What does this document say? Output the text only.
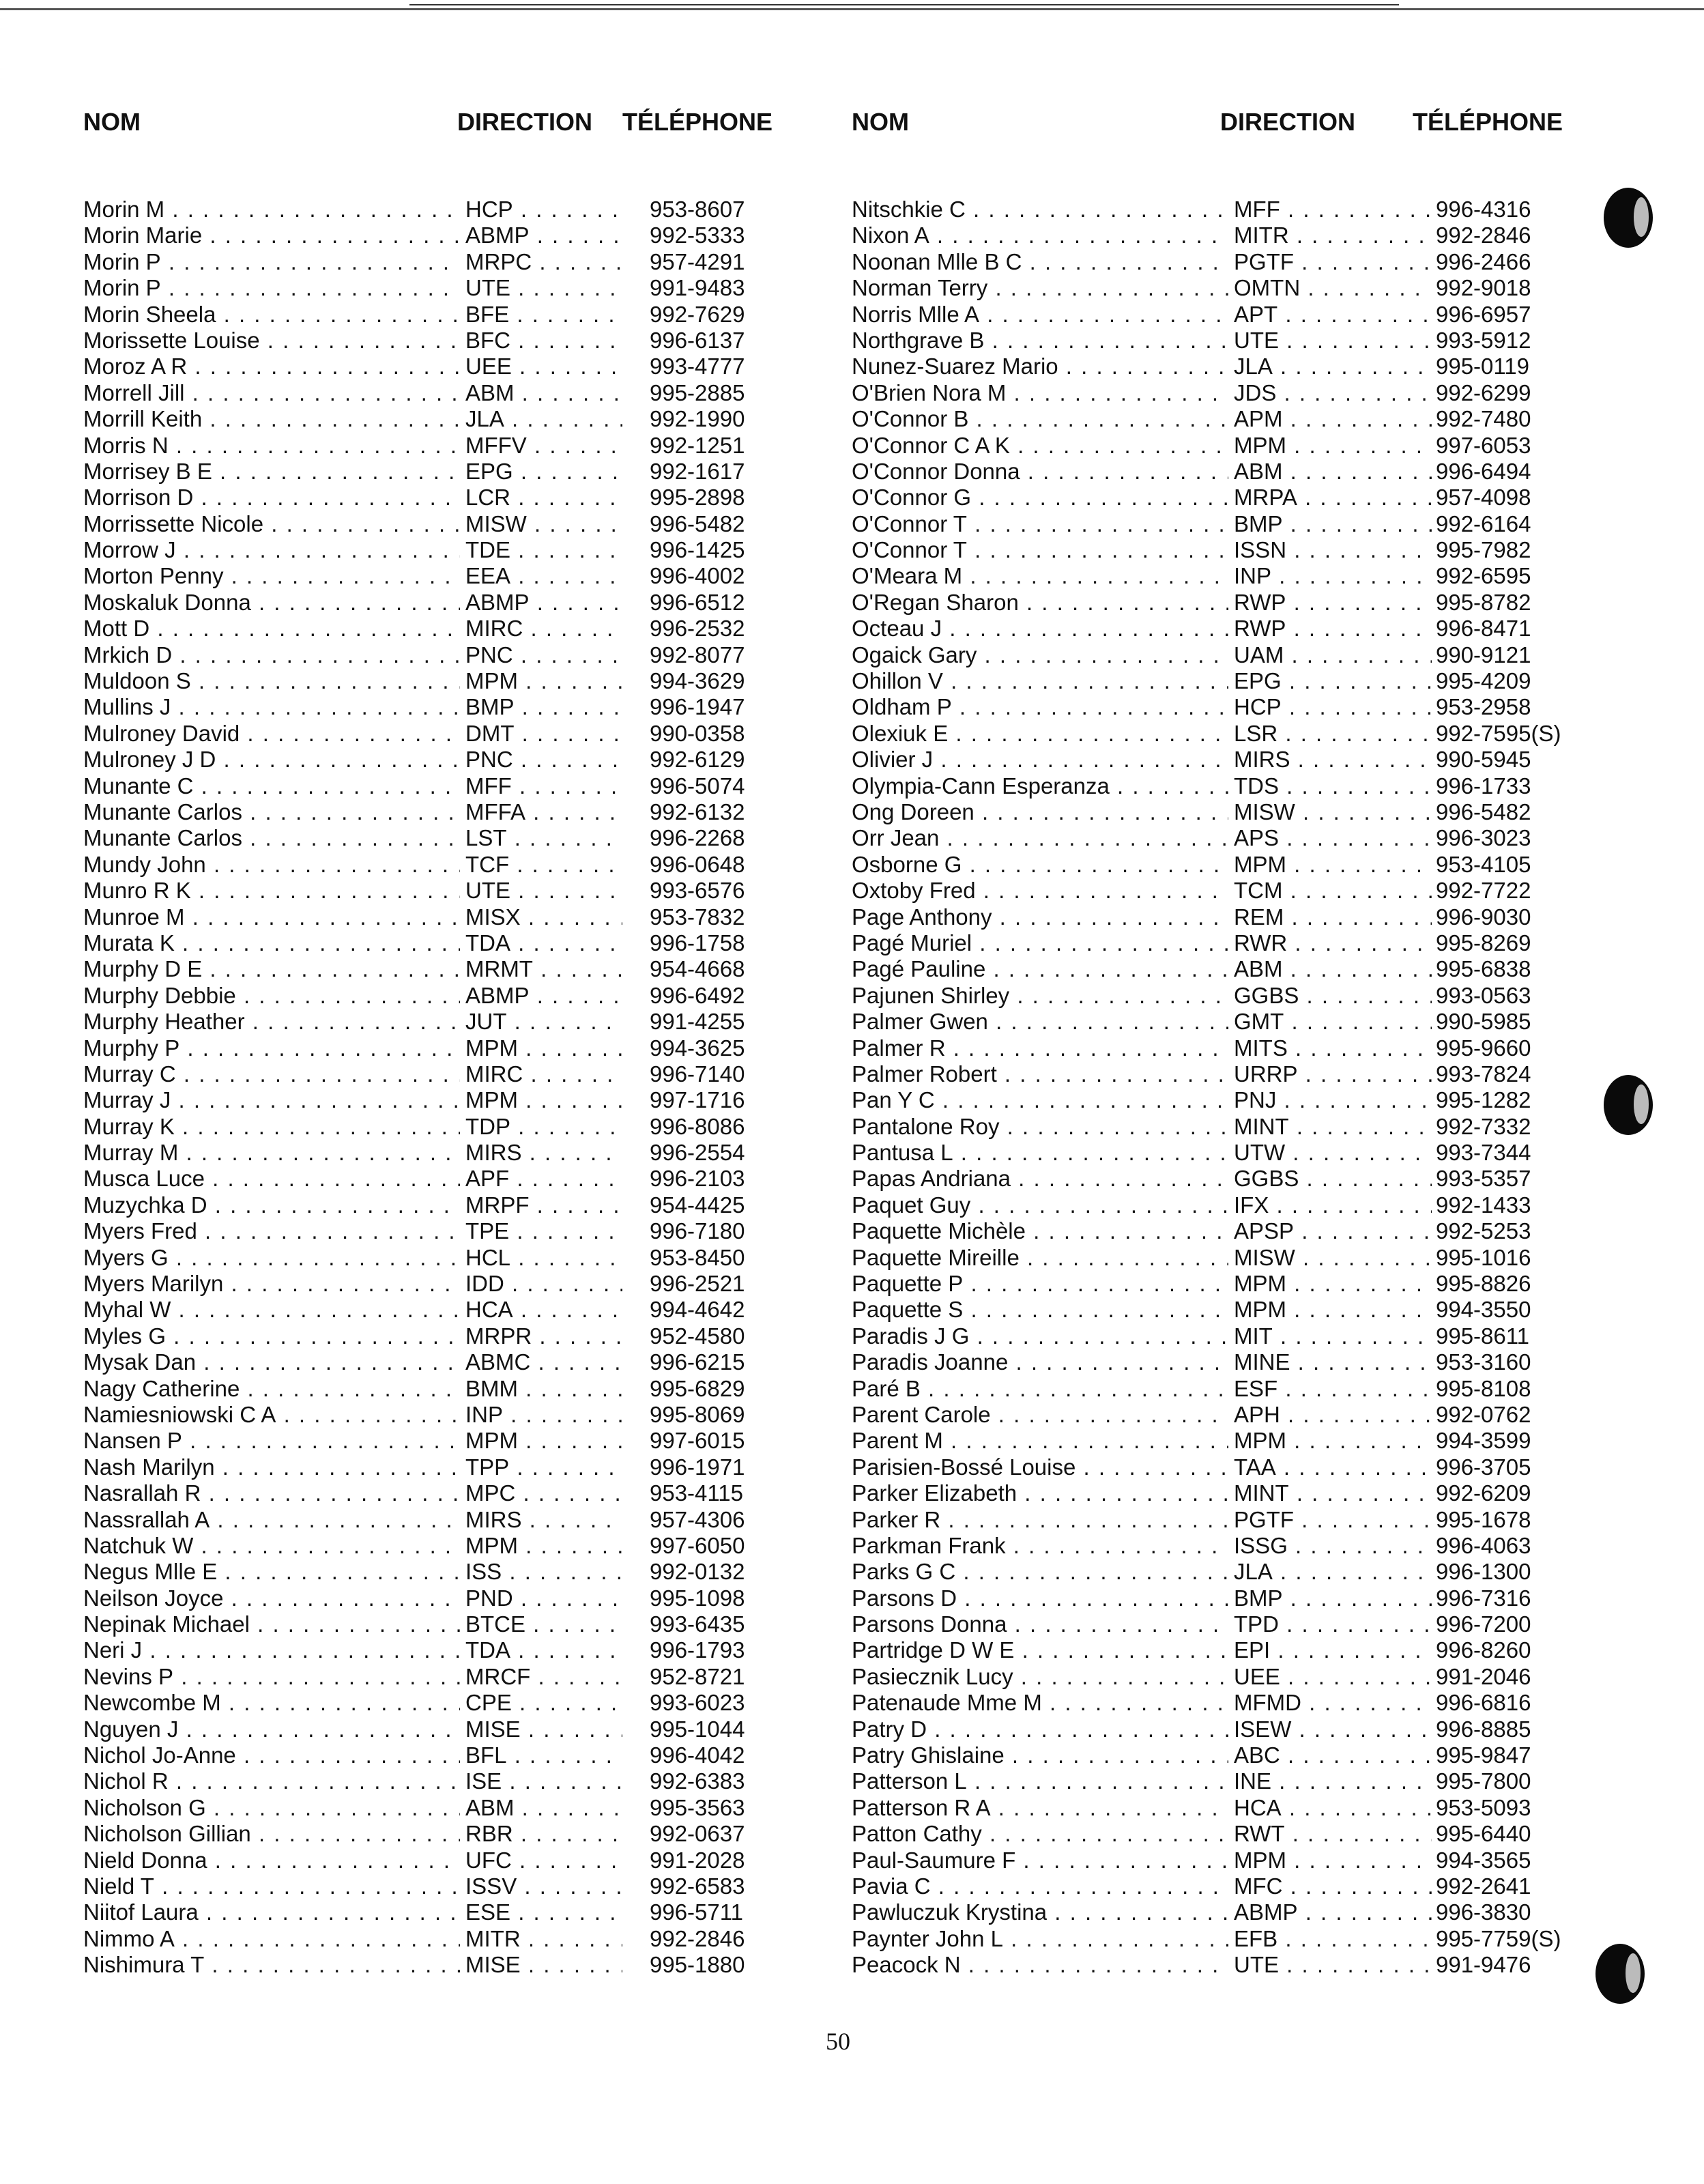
NOM	DIRECTION TÉLÉPHONE
Morin M . . .	HCP . . .	953-8607
Morin Marie . . .	ABMP . . .	992-5333
Morin P . . .	MRPC . . .	957-4291
Morin P . . .	UTE . . .	991-9483
Morin Sheela . . .	BFE . . .	992-7629
Morissette Louise . . .	BFC . . .	996-6137
Moroz A R . . .	UEE . . .	993-4777
Morrell Jill . . .	ABM . . .	995-2885
Morrill Keith . . .	JLA . . .	992-1990
Morris N . . .	MFFV . . .	992-1251
Morrisey B E . . .	EPG . . .	992-1617
Morrison D . . .	LCR . . .	995-2898
Morrissette Nicole . . .	MISW . . .	996-5482
Morrow J . . .	TDE . . .	996-1425
Morton Penny . . .	EEA . . .	996-4002
Moskaluk Donna . . .	ABMP . . .	996-6512
Mott D . . .	MIRC . . .	996-2532
Mrkich D . . .	PNC . . .	992-8077
Muldoon S . . .	MPM . . .	994-3629
Mullins J . . .	BMP . . .	996-1947
Mulroney David . . .	DMT . . .	990-0358
Mulroney J D . . .	PNC . . .	992-6129
Munante C . . .	MFF . . .	996-5074
Munante Carlos . . .	MFFA . . .	992-6132
Munante Carlos . . .	LST . . .	996-2268
Mundy John . . .	TCF . . .	996-0648
Munro R K . . .	UTE . . .	993-6576
Munroe M . . .	MISX . . .	953-7832
Murata K . . .	TDA . . .	996-1758
Murphy D E . . .	MRMT . . .	954-4668
Murphy Debbie . . .	ABMP . . .	996-6492
Murphy Heather . . .	JUT . . .	991-4255
Murphy P . . .	MPM . . .	994-3625
Murray C . . .	MIRC . . .	996-7140
Murray J . . .	MPM . . .	997-1716
Murray K . . .	TDP . . .	996-8086
Murray M . . .	MIRS . . .	996-2554
Musca Luce . . .	APF . . .	996-2103
Muzychka D . . .	MRPF . . .	954-4425
Myers Fred . . .	TPE . . .	996-7180
Myers G . . .	HCL . . .	953-8450
Myers Marilyn . . .	IDD . . .	996-2521
Myhal W . . .	HCA . . .	994-4642
Myles G . . .	MRPR . . .	952-4580
Mysak Dan . . .	ABMC . . .	996-6215
Nagy Catherine . . .	BMM . . .	995-6829
Namiesniowski C A . . .	INP . . .	995-8069
Nansen P . . .	MPM . . .	997-6015
Nash Marilyn . . .	TPP . . .	996-1971
Nasrallah R . . .	MPC . . .	953-4115
Nassrallah A . . .	MIRS . . .	957-4306
Natchuk W . . .	MPM . . .	997-6050
Negus Mlle E . . .	ISS . . .	992-0132
Neilson Joyce . . .	PND . . .	995-1098
Nepinak Michael . . .	BTCE . . .	993-6435
Neri J . . .	TDA . . .	996-1793
Nevins P . . .	MRCF . . .	952-8721
Newcombe M . . .	CPE . . .	993-6023
Nguyen J . . .	MISE . . .	995-1044
Nichol Jo-Anne . . .	BFL . . .	996-4042
Nichol R . . .	ISE . . .	992-6383
Nicholson G . . .	ABM . . .	995-3563
Nicholson Gillian . . .	RBR . . .	992-0637
Nield Donna . . .	UFC . . .	991-2028
Nield T . . .	ISSV . . .	992-6583
Niitof Laura . . .	ESE . . .	996-5711
Nimmo A . . .	MITR . . .	992-2846
Nishimura T . . .	MISE . . .	995-1880
NOM	DIRECTION TÉLÉPHONE
Nitschkie C . . .	MFF . . .	996-4316
Nixon A . . .	MITR . . .	992-2846
Noonan Mlle B C . . .	PGTF . . .	996-2466
Norman Terry . . .	OMTN . . .	992-9018
Norris Mlle A . . .	APT . . .	996-6957
Northgrave B . . .	UTE . . .	993-5912
Nunez-Suarez Mario . . .	JLA . . .	995-0119
O'Brien Nora M . . .	JDS . . .	992-6299
O'Connor B . . .	APM . . .	992-7480
O'Connor C A K . . .	MPM . . .	997-6053
O'Connor Donna . . .	ABM . . .	996-6494
O'Connor G . . .	MRPA . . .	957-4098
O'Connor T . . .	BMP . . .	992-6164
O'Connor T . . .	ISSN . . .	995-7982
O'Meara M . . .	INP . . .	992-6595
O'Regan Sharon . . .	RWP . . .	995-8782
Octeau J . . .	RWP . . .	996-8471
Ogaick Gary . . .	UAM . . .	990-9121
Ohillon V . . .	EPG . . .	995-4209
Oldham P . . .	HCP . . .	953-2958
Olexiuk E . . .	LSR . . .	992-7595(S)
Olivier J . . .	MIRS . . .	990-5945
Olympia-Cann Esperanza . . .	TDS . . .	996-1733
Ong Doreen . . .	MISW . . .	996-5482
Orr Jean . . .	APS . . .	996-3023
Osborne G . . .	MPM . . .	953-4105
Oxtoby Fred . . .	TCM . . .	992-7722
Page Anthony . . .	REM . . .	996-9030
Pagé Muriel . . .	RWR . . .	995-8269
Pagé Pauline . . .	ABM . . .	995-6838
Pajunen Shirley . . .	GGBS . . .	993-0563
Palmer Gwen . . .	GMT . . .	990-5985
Palmer R . . .	MITS . . .	995-9660
Palmer Robert . . .	URRP . . .	993-7824
Pan Y C . . .	PNJ . . .	995-1282
Pantalone Roy . . .	MINT . . .	992-7332
Pantusa L . . .	UTW . . .	993-7344
Papas Andriana . . .	GGBS . . .	993-5357
Paquet Guy . . .	IFX . . .	992-1433
Paquette Michèle . . .	APSP . . .	992-5253
Paquette Mireille . . .	MISW . . .	995-1016
Paquette P . . .	MPM . . .	995-8826
Paquette S . . .	MPM . . .	994-3550
Paradis J G . . .	MIT . . .	995-8611
Paradis Joanne . . .	MINE . . .	953-3160
Paré B . . .	ESF . . .	995-8108
Parent Carole . . .	APH . . .	992-0762
Parent M . . .	MPM . . .	994-3599
Parisien-Bossé Louise . . .	TAA . . .	996-3705
Parker Elizabeth . . .	MINT . . .	992-6209
Parker R . . .	PGTF . . .	995-1678
Parkman Frank . . .	ISSG . . .	996-4063
Parks G C . . .	JLA . . .	996-1300
Parsons D . . .	BMP . . .	996-7316
Parsons Donna . . .	TPD . . .	996-7200
Partridge D W E . . .	EPI . . .	996-8260
Pasiecznik Lucy . . .	UEE . . .	991-2046
Patenaude Mme M . . .	MFMD . . .	996-6816
Patry D . . .	ISEW . . .	996-8885
Patry Ghislaine . . .	ABC . . .	995-9847
Patterson L . . .	INE . . .	995-7800
Patterson R A . . .	HCA . . .	953-5093
Patton Cathy . . .	RWT . . .	995-6440
Paul-Saumure F . . .	MPM . . .	994-3565
Pavia C . . .	MFC . . .	992-2641
Pawluczuk Krystina . . .	ABMP . . .	996-3830
Paynter John L . . .	EFB . . .	995-7759(S)
Peacock N . . .	UTE . . .	991-9476
50
